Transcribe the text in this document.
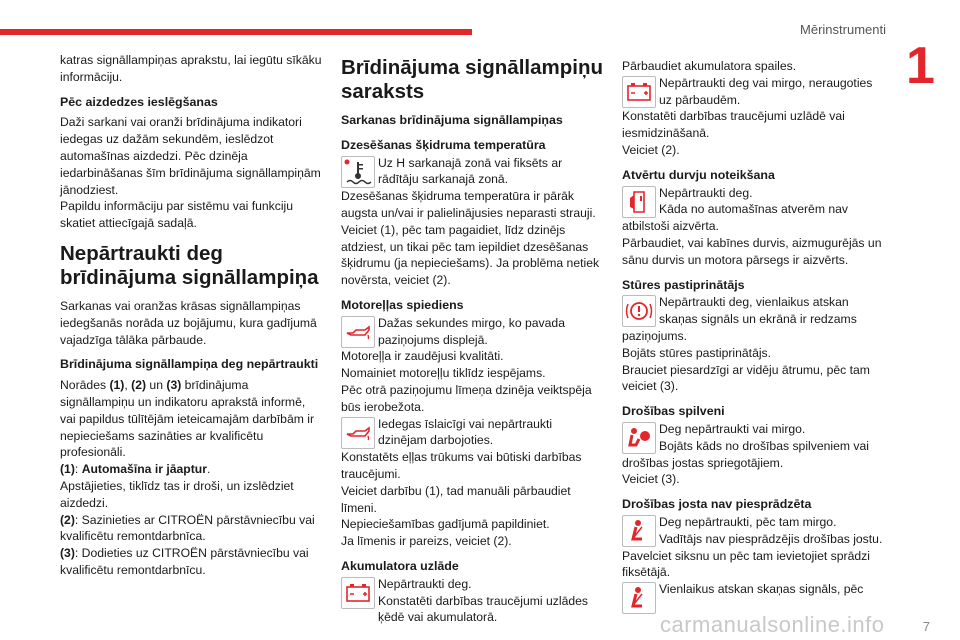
Mērinstrumenti
1

katras signāllampiņas aprakstu, lai iegūtu sīkāku informāciju.

Pēc aizdedzes ieslēgšanas

Daži sarkani vai oranži brīdinājuma indikatori iedegas uz dažām sekundēm, ieslēdzot automašīnas aizdedzi. Pēc dzinēja iedarbināšanas šīm brīdinājuma signāllampiņām jānodziest.

Papildu informāciju par sistēmu vai funkciju skatiet attiecīgajā sadaļā.

Nepārtraukti deg brīdinājuma signāllampiņa

Sarkanas vai oranžas krāsas signāllampiņas iedegšanās norāda uz bojājumu, kura gadījumā vajadzīga tālāka pārbaude.

Brīdinājuma signāllampiņa deg nepārtraukti

Norādes (1), (2) un (3) brīdinājuma signāllampiņu un indikatoru aprakstā informē, vai papildus tūlītējām ieteicamajām darbībām ir nepieciešams sazināties ar kvalificētu profesionāli.

(1): Automašīna ir jāaptur.

Apstājieties, tiklīdz tas ir droši, un izslēdziet aizdedzi.

(2): Sazinieties ar CITROËN pārstāvniecību vai kvalificētu remontdarbnīca.

(3): Dodieties uz CITROËN pārstāvniecību vai kvalificētu remontdarbnīcu.

Brīdinājuma signāllampiņu saraksts
Sarkanas brīdinājuma signāllampiņas
Dzesēšanas šķidruma temperatūra
Uz H sarkanajā zonā vai fiksēts ar rādītāju sarkanajā zonā.

Dzesēšanas šķidruma temperatūra ir pārāk augsta un/vai ir palielinājusies neparasti strauji.

Veiciet (1), pēc tam pagaidiet, līdz dzinējs atdziest, un tikai pēc tam iepildiet dzesēšanas šķidrumu (ja nepieciešams). Ja problēma netiek novērsta, veiciet (2).

Motoreļļas spiediens
Dažas sekundes mirgo, ko pavada paziņojums displejā.

Motoreļļa ir zaudējusi kvalitāti.

Nomainiet motoreļļu tiklīdz iespējams.

Pēc otrā paziņojumu līmeņa dzinēja veiktspēja būs ierobežota.

Iedegas īslaicīgi vai nepārtraukti dzinējam darbojoties.

Konstatēts eļļas trūkums vai būtiski darbības traucējumi.

Veiciet darbību (1), tad manuāli pārbaudiet līmeni.

Nepieciešamības gadījumā papildiniet.

Ja līmenis ir pareizs, veiciet (2).

Akumulatora uzlāde
Nepārtraukti deg.
Konstatēti darbības traucējumi uzlādes ķēdē vai akumulatorā.

Pārbaudiet akumulatora spailes.

Nepārtraukti deg vai mirgo, neraugoties uz pārbaudēm.

Konstatēti darbības traucējumi uzlādē vai iesmidzināšanā.

Veiciet (2).

Atvērtu durvju noteikšana
Nepārtraukti deg.
Kāda no automašīnas atverēm nav

atbilstoši aizvērta.

Pārbaudiet, vai kabīnes durvis, aizmugurējās un sānu durvis un motora pārsegs ir aizvērts.

Stūres pastiprinātājs
Nepārtraukti deg, vienlaikus atskan skaņas signāls un ekrānā ir redzams

paziņojums.

Bojāts stūres pastiprinātājs.

Brauciet piesardzīgi ar vidēju ātrumu, pēc tam veiciet (3).

Drošības spilveni
Deg nepārtraukti vai mirgo.
Bojāts kāds no drošības spilveniem vai

drošības jostas spriegotājiem.

Veiciet (3).

Drošības josta nav piesprādzēta
Deg nepārtraukti, pēc tam mirgo.
Vadītājs nav piesprādzējis drošības jostu.

Pavelciet siksnu un pēc tam ievietojiet sprādzi fiksētājā.

Vienlaikus atskan skaņas signāls, pēc
carmanualsonline.info	7
